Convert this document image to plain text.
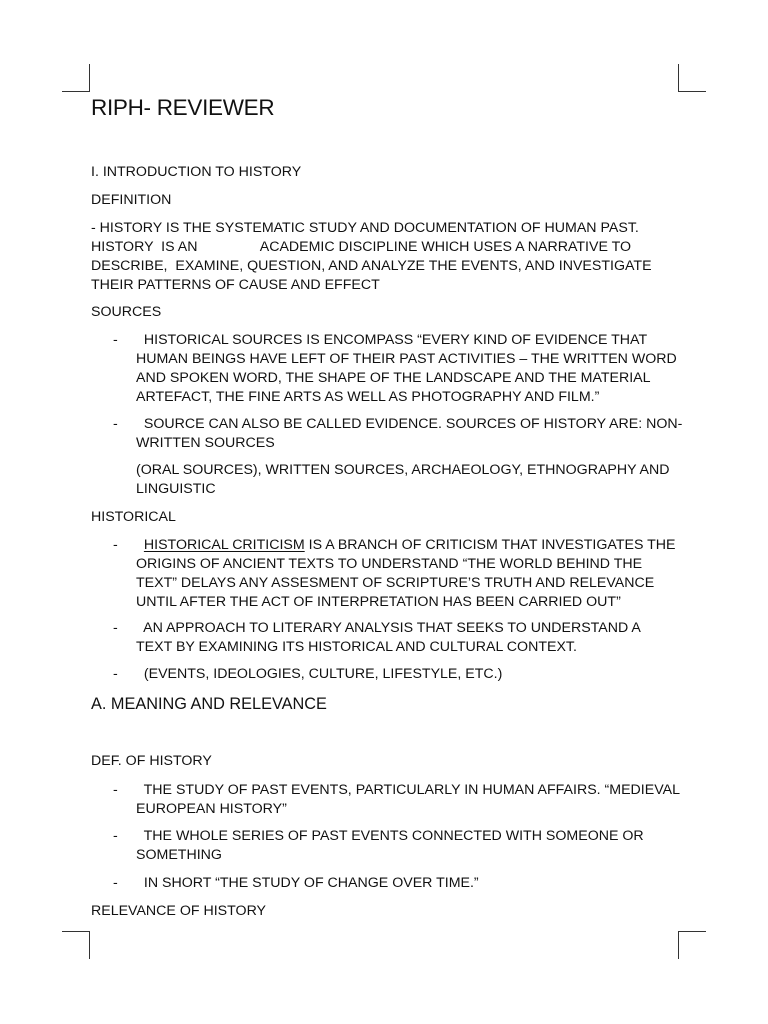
RIPH- REVIEWER

I. INTRODUCTION TO HISTORY

DEFINITION

- HISTORY IS THE SYSTEMATIC STUDY AND DOCUMENTATION OF HUMAN PAST.
HISTORY  IS AN                ACADEMIC DISCIPLINE WHICH USES A NARRATIVE TO
DESCRIBE,  EXAMINE, QUESTION, AND ANALYZE THE EVENTS, AND INVESTIGATE
THEIR PATTERNS OF CAUSE AND EFFECT

SOURCES

- HISTORICAL SOURCES IS ENCOMPASS “EVERY KIND OF EVIDENCE THAT
HUMAN BEINGS HAVE LEFT OF THEIR PAST ACTIVITIES – THE WRITTEN WORD
AND SPOKEN WORD, THE SHAPE OF THE LANDSCAPE AND THE MATERIAL
ARTEFACT, THE FINE ARTS AS WELL AS PHOTOGRAPHY AND FILM.”
- SOURCE CAN ALSO BE CALLED EVIDENCE. SOURCES OF HISTORY ARE: NON-
WRITTEN SOURCES
(ORAL SOURCES), WRITTEN SOURCES, ARCHAEOLOGY, ETHNOGRAPHY AND
LINGUISTIC

HISTORICAL

-	HISTORICAL CRITICISM IS A BRANCH OF CRITICISM THAT INVESTIGATES THE
ORIGINS OF ANCIENT TEXTS TO UNDERSTAND “THE WORLD BEHIND THE
TEXT” DELAYS ANY ASSESMENT OF SCRIPTURE’S TRUTH AND RELEVANCE
UNTIL AFTER THE ACT OF INTERPRETATION HAS BEEN CARRIED OUT”
- AN APPROACH TO LITERARY ANALYSIS THAT SEEKS TO UNDERSTAND A
TEXT BY EXAMINING ITS HISTORICAL AND CULTURAL CONTEXT.
- (EVENTS, IDEOLOGIES, CULTURE, LIFESTYLE, ETC.)
A. MEANING AND RELEVANCE

DEF. OF HISTORY

- THE STUDY OF PAST EVENTS, PARTICULARLY IN HUMAN AFFAIRS. “MEDIEVAL
EUROPEAN HISTORY”
- THE WHOLE SERIES OF PAST EVENTS CONNECTED WITH SOMEONE OR
SOMETHING
- IN SHORT “THE STUDY OF CHANGE OVER TIME.”

RELEVANCE OF HISTORY
